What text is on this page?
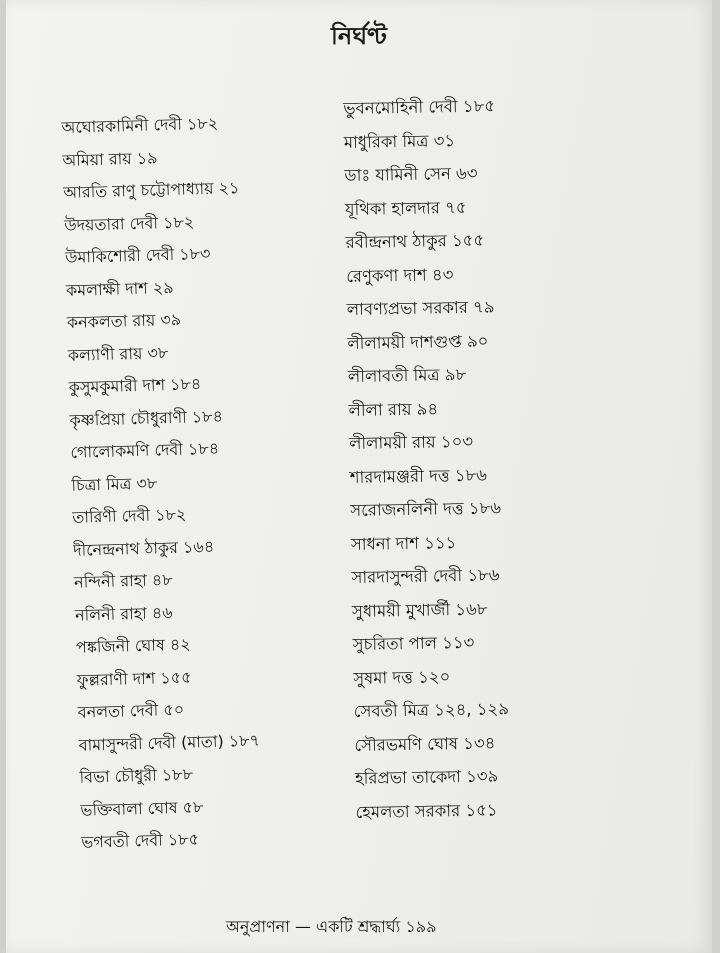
নির্ঘণ্ট
অঘোরকামিনী দেবী ১৮২
অমিয়া রায় ১৯
আরতি রাণু চট্টোপাধ্যায় ২১
উদয়তারা দেবী ১৮২
উমাকিশোরী দেবী ১৮৩
কমলাক্ষী দাশ ২৯
কনকলতা রায় ৩৯
কল্যাণী রায় ৩৮
কুসুমকুমারী দাশ ১৮৪
কৃষ্ণপ্রিয়া চৌধুরাণী ১৮৪
গোলোকমণি দেবী ১৮৪
চিত্রা মিত্র ৩৮
তারিণী দেবী ১৮২
দীনেন্দ্রনাথ ঠাকুর ১৬৪
নন্দিনী রাহা ৪৮
নলিনী রাহা ৪৬
পঙ্কজিনী ঘোষ ৪২
ফুল্লরাণী দাশ ১৫৫
বনলতা দেবী ৫০
বামাসুন্দরী দেবী (মাতা) ১৮৭
বিভা চৌধুরী ১৮৮
ভক্তিবালা ঘোষ ৫৮
ভগবতী দেবী ১৮৫
ভুবনমোহিনী দেবী ১৮৫
মাধুরিকা মিত্র ৩১
ডাঃ যামিনী সেন ৬৩
যূথিকা হালদার ৭৫
রবীন্দ্রনাথ ঠাকুর ১৫৫
রেণুকণা দাশ ৪৩
লাবণ্যপ্রভা সরকার ৭৯
লীলাময়ী দাশগুপ্ত ৯০
লীলাবতী মিত্র ৯৮
লীলা রায় ৯৪
লীলাময়ী রায় ১০৩
শারদামঞ্জরী দত্ত ১৮৬
সরোজনলিনী দত্ত ১৮৬
সাধনা দাশ ১১১
সারদাসুন্দরী দেবী ১৮৬
সুধাময়ী মুখার্জী ১৬৮
সুচরিতা পাল ১১৩
সুষমা দত্ত ১২০
সেবতী মিত্র ১২৪, ১২৯
সৌরভমণি ঘোষ ১৩৪
হরিপ্রভা তাকেদা ১৩৯
হেমলতা সরকার ১৫১
অনুপ্রাণনা — একটি শ্রদ্ধার্ঘ্য ১৯৯
